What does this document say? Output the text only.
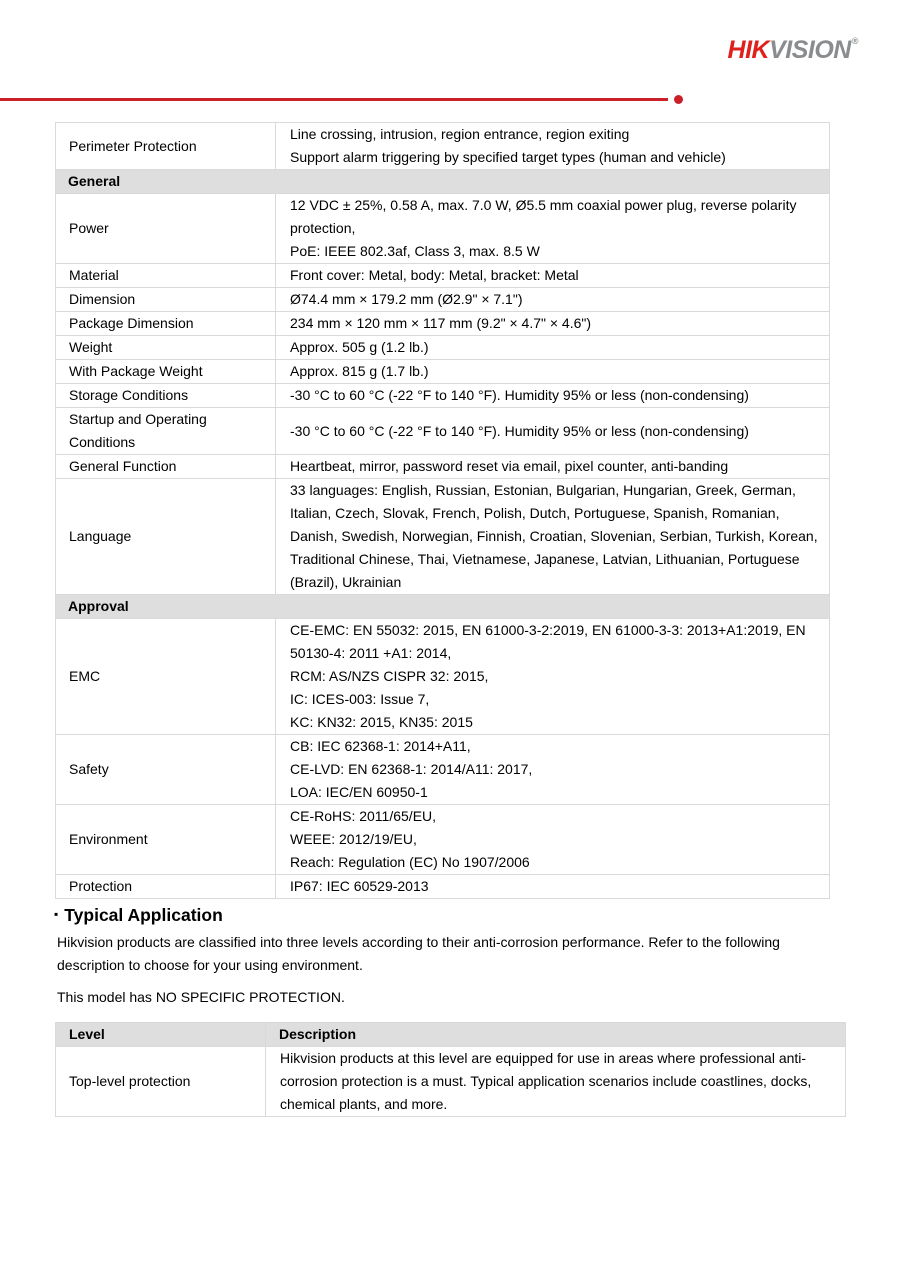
HIKVISION®
Perimeter Protection	Line crossing, intrusion, region entrance, region exiting
Support alarm triggering by specified target types (human and vehicle)

General	
Power	12 VDC ± 25%, 0.58 A, max. 7.0 W, Ø5.5 mm coaxial power plug, reverse polarity protection,
PoE: IEEE 802.3af, Class 3, max. 8.5 W

Material	Front cover: Metal, body: Metal, bracket: Metal
Dimension	Ø74.4 mm × 179.2 mm (Ø2.9" × 7.1")
Package Dimension	234 mm × 120 mm × 117 mm (9.2" × 4.7" × 4.6")
Weight	Approx. 505 g (1.2 lb.)
With Package Weight	Approx. 815 g (1.7 lb.)
Storage Conditions	-30 °C to 60 °C (-22 °F to 140 °F). Humidity 95% or less (non-condensing)
Startup and Operating Conditions	-30 °C to 60 °C (-22 °F to 140 °F). Humidity 95% or less (non-condensing)
General Function	Heartbeat, mirror, password reset via email, pixel counter, anti-banding
Language	33 languages: English, Russian, Estonian, Bulgarian, Hungarian, Greek, German, Italian, Czech, Slovak, French, Polish, Dutch, Portuguese, Spanish, Romanian, Danish, Swedish, Norwegian, Finnish, Croatian, Slovenian, Serbian, Turkish, Korean, Traditional Chinese, Thai, Vietnamese, Japanese, Latvian, Lithuanian, Portuguese (Brazil), Ukrainian
Approval	
EMC	CE-EMC: EN 55032: 2015, EN 61000-3-2:2019, EN 61000-3-3: 2013+A1:2019, EN 50130-4: 2011 +A1: 2014,
RCM: AS/NZS CISPR 32: 2015,
IC: ICES-003: Issue 7,
KC: KN32: 2015, KN35: 2015

Safety	CB: IEC 62368-1: 2014+A11,
CE-LVD: EN 62368-1: 2014/A11: 2017,
LOA: IEC/EN 60950-1

Environment	CE-RoHS: 2011/65/EU,
WEEE: 2012/19/EU,
Reach: Regulation (EC) No 1907/2006

Protection	IP67: IEC 60529-2013
▪ Typical Application
Hikvision products are classified into three levels according to their anti-corrosion performance. Refer to the following description to choose for your using environment.
This model has NO SPECIFIC PROTECTION.
Level	Description
Top-level protection	Hikvision products at this level are equipped for use in areas where professional anti-corrosion protection is a must. Typical application scenarios include coastlines, docks, chemical plants, and more.
